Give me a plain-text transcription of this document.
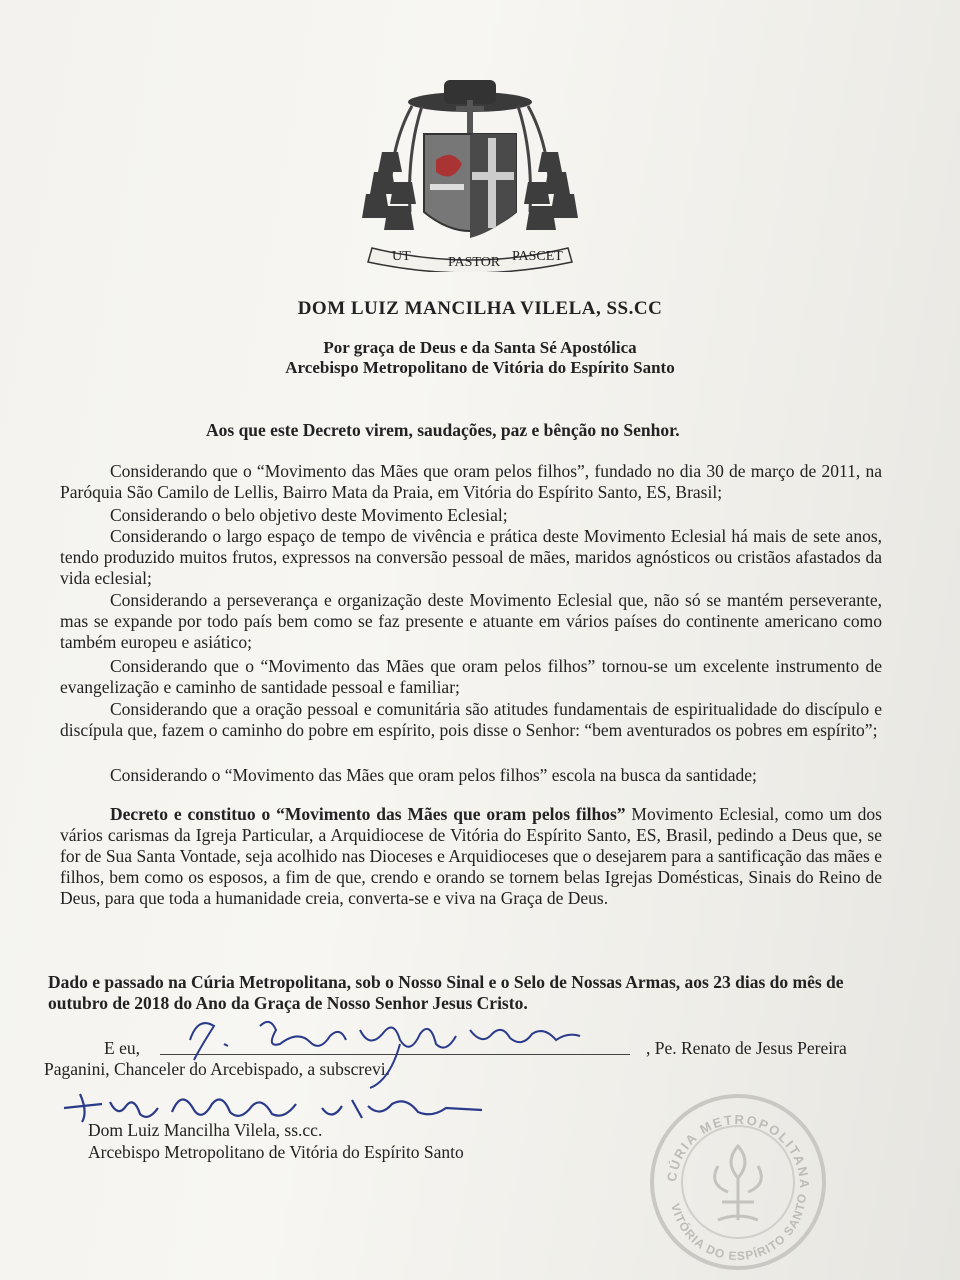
UT	PASTOR PASCET
DOM LUIZ MANCILHA VILELA, SS.CC
Por graça de Deus e da Santa Sé Apostólica
Arcebispo Metropolitano de Vitória do Espírito Santo
Aos que este Decreto virem, saudações, paz e bênção no Senhor.
Considerando que o “Movimento das Mães que oram pelos filhos”, fundado no dia 30 de março de 2011, na Paróquia São Camilo de Lellis, Bairro Mata da Praia, em Vitória do Espírito Santo, ES, Brasil;
Considerando o belo objetivo deste Movimento Eclesial;
Considerando o largo espaço de tempo de vivência e prática deste Movimento Eclesial há mais de sete anos, tendo produzido muitos frutos, expressos na conversão pessoal de mães, maridos agnósticos ou cristãos afastados da vida eclesial;
Considerando a perseverança e organização deste Movimento Eclesial que, não só se mantém perseverante, mas se expande por todo país bem como se faz presente e atuante em vários países do continente americano como também europeu e asiático;
Considerando que o “Movimento das Mães que oram pelos filhos” tornou-se um excelente instrumento de evangelização e caminho de santidade pessoal e familiar;
Considerando que a oração pessoal e comunitária são atitudes fundamentais de espiritualidade do discípulo e discípula que, fazem o caminho do pobre em espírito, pois disse o Senhor: “bem aventurados os pobres em espírito”;
Considerando o “Movimento das Mães que oram pelos filhos” escola na busca da santidade;
Decreto e constituo o “Movimento das Mães que oram pelos filhos” Movimento Eclesial, como um dos vários carismas da Igreja Particular, a Arquidiocese de Vitória do Espírito Santo, ES, Brasil, pedindo a Deus que, se for de Sua Santa Vontade, seja acolhido nas Dioceses e Arquidioceses que o desejarem para a santificação das mães e filhos, bem como os esposos, a fim de que, crendo e orando se tornem belas Igrejas Domésticas, Sinais do Reino de Deus, para que toda a humanidade creia, converta-se e viva na Graça de Deus.
Dado e passado na Cúria Metropolitana, sob o Nosso Sinal e o Selo de Nossas Armas, aos 23 dias do mês de outubro de 2018 do Ano da Graça de Nosso Senhor Jesus Cristo.
E eu,	, Pe. Renato de Jesus Pereira
Paganini, Chanceler do Arcebispado, a subscrevi.
Dom Luiz Mancilha Vilela, ss.cc.
Arcebispo Metropolitano de Vitória do Espírito Santo
CÚRIA METROPOLITANA
VITÓRIA DO ESPÍRITO SANTO
